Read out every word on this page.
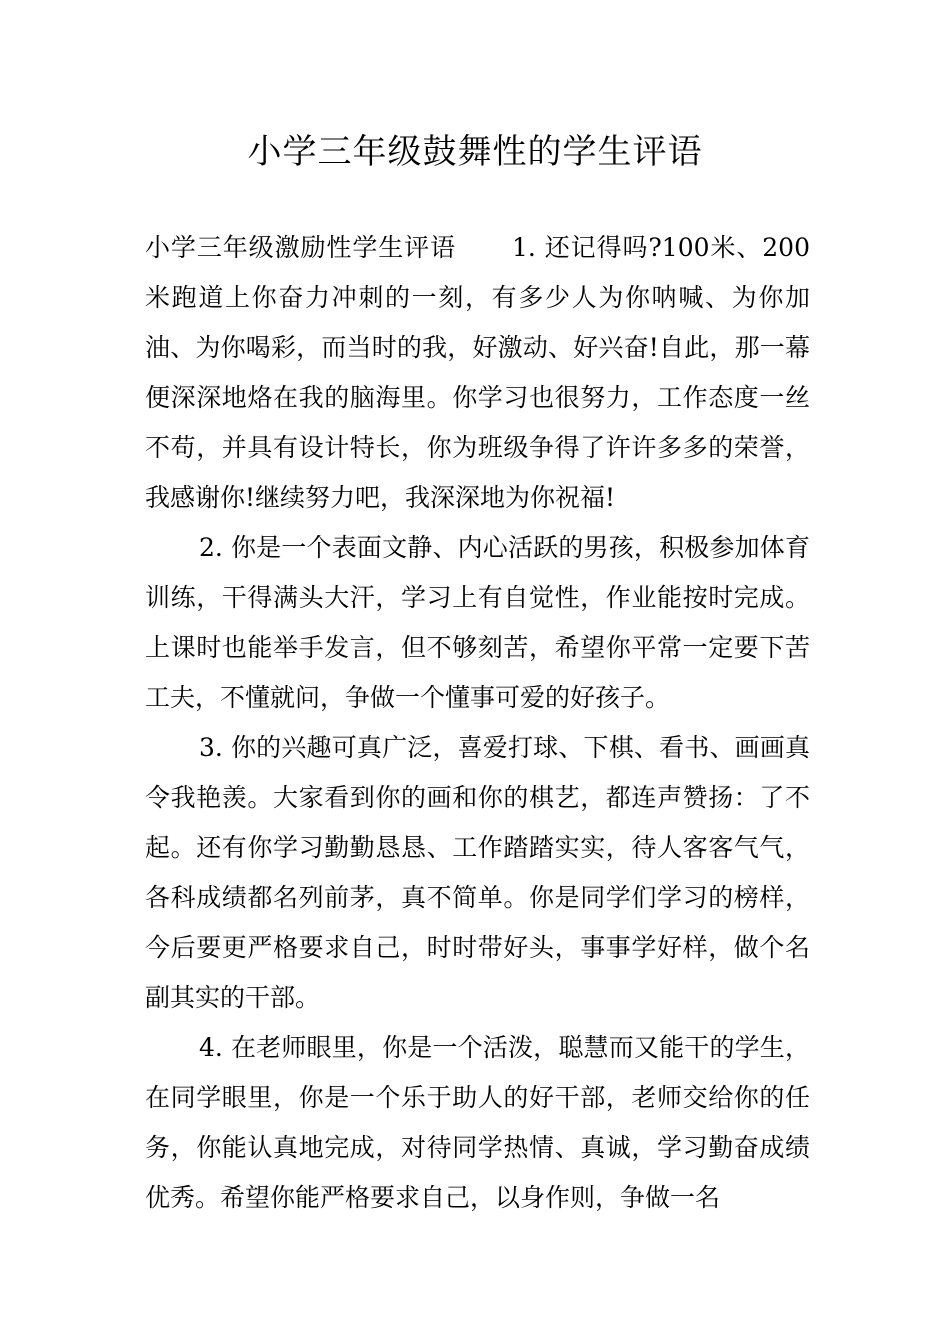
小学三年级鼓舞性的学生评语

小学三年级激励性学生评语 1. 还记得吗?100米、200米跑道上你奋力冲刺的一刻，有多少人为你呐喊、为你加油、为你喝彩，而当时的我，好激动、好兴奋!自此，那一幕便深深地烙在我的脑海里。你学习也很努力，工作态度一丝不苟，并具有设计特长，你为班级争得了许许多多的荣誉，我感谢你!继续努力吧，我深深地为你祝福!

2. 你是一个表面文静、内心活跃的男孩，积极参加体育训练，干得满头大汗，学习上有自觉性，作业能按时完成。上课时也能举手发言，但不够刻苦，希望你平常一定要下苦工夫，不懂就问，争做一个懂事可爱的好孩子。

3. 你的兴趣可真广泛，喜爱打球、下棋、看书、画画真令我艳羡。大家看到你的画和你的棋艺，都连声赞扬：了不起。还有你学习勤勤恳恳、工作踏踏实实，待人客客气气，各科成绩都名列前茅，真不简单。你是同学们学习的榜样，今后要更严格要求自己，时时带好头，事事学好样，做个名副其实的干部。

4. 在老师眼里，你是一个活泼，聪慧而又能干的学生，在同学眼里，你是一个乐于助人的好干部，老师交给你的任务，你能认真地完成，对待同学热情、真诚，学习勤奋成绩优秀。希望你能严格要求自己，以身作则，争做一名
